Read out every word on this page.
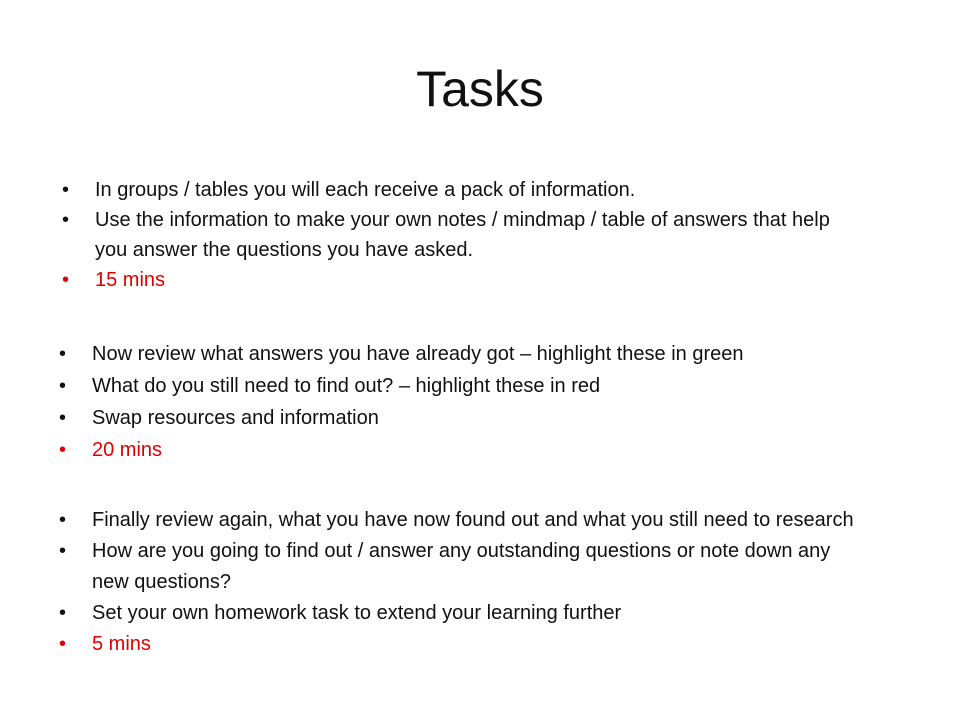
Tasks
• In groups / tables you will each receive a pack of information.
• Use the information to make your own notes / mindmap / table of answers that help you answer the questions you have asked.
• 15 mins
• Now review what answers you have already got – highlight these in green
• What do you still need to find out? – highlight these in red
• Swap resources and information
• 20 mins
• Finally review again, what you have now found out and what you still need to research
• How are you going to find out / answer any outstanding questions or note down any new questions?
• Set your own homework task to extend your learning further
• 5 mins
